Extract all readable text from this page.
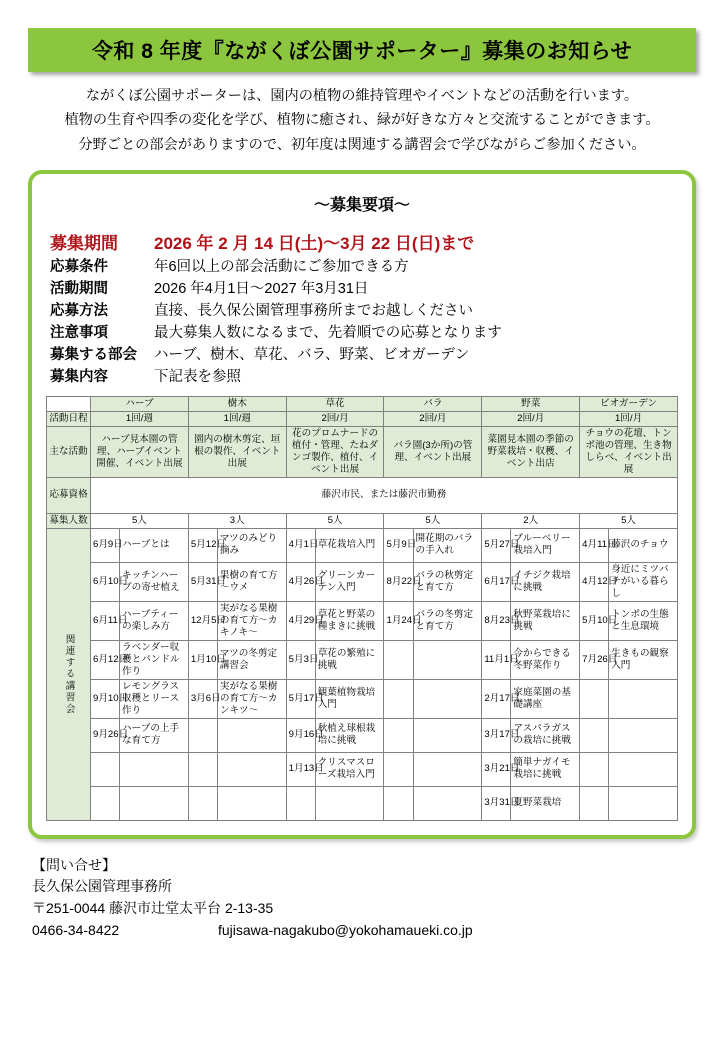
令和 8 年度『ながくぼ公園サポーター』募集のお知らせ

ながくぼ公園サポーターは、園内の植物の維持管理やイベントなどの活動を行います。

植物の生育や四季の変化を学び、植物に癒され、緑が好きな方々と交流することができます。

分野ごとの部会がありますので、初年度は関連する講習会で学びながらご参加ください。

～募集要項～
募集期間	2026 年 2 月 14 日(土)～3月 22 日(日)まで
応募条件	年6回以上の部会活動にご参加できる方
活動期間	2026 年4月1日～2027 年3月31日
応募方法	直接、長久保公園管理事務所までお越しください
注意事項	最大募集人数になるまで、先着順での応募となります
募集する部会	ハーブ、樹木、草花、バラ、野菜、ビオガーデン
募集内容	下記表を参照
	ハーブ		樹木		草花		バラ		野菜		ビオガーデン	
活動日程	1回/週		1回/週		2回/月		2回/月		2回/月		1回/月	
主な活動	ハーブ見本園の管理、ハーブイベント開催、イベント出展		園内の樹木剪定、垣根の製作、イベント出展		花のプロムナードの植付・管理、たねダンゴ製作、植付、イベント出展		バラ園(3か所)の管理、イベント出展		菜園見本園の季節の野菜栽培・収穫、イベント出店		チョウの花壇、トンボ池の管理、生き物しらべ、イベント出展	
応募資格	藤沢市民、または藤沢市勤務											
募集人数	5人		3人		5人		5人		2人		5人	
関連する講習会	6月9日	ハーブとは	5月12日	マツのみどり摘み	4月1日	草花栽培入門	5月9日	開花期のバラの手入れ	5月27日	ブルーベリー栽培入門	4月11日	藤沢のチョウ
	6月10日	キッチンハーブの寄せ植え	5月31日	果樹の育て方～ウメ	4月26日	グリーンカーテン入門	8月22日	バラの秋剪定と育て方	6月17日	イチジク栽培に挑戦	4月12日	身近にミツバチがいる暮らし
	6月11日	ハーブティーの楽しみ方	12月5日	実がなる果樹の育て方～カキノキ～	4月29日	草花と野菜の種まきに挑戦	1月24日	バラの冬剪定と育て方	8月23日	秋野菜栽培に挑戦	5月10日	トンボの生態と生息環境
	6月12日	ラベンダー収穫とバンドル作り	1月10日	マツの冬剪定講習会	5月3日	草花の繁殖に挑戦			11月1日	今からできる冬野菜作り	7月26日	生きもの観察入門
	9月10日	レモングラス収穫とリース作り	3月6日	実がなる果樹の育て方～カンキツ～	5月17日	観葉植物栽培入門			2月17日	家庭菜園の基礎講座		
	9月26日	ハーブの上手な育て方			9月16日	秋植え球根栽培に挑戦			3月17日	アスパラガスの栽培に挑戦		
					1月13日	クリスマスローズ栽培入門			3月21日	簡単ナガイモ栽培に挑戦		
									3月31日	夏野菜栽培		
【問い合せ】
長久保公園管理事務所
〒251-0044 藤沢市辻堂太平台 2-13-35
0466-34-8422	fujisawa-nagakubo@yokohamaueki.co.jp
